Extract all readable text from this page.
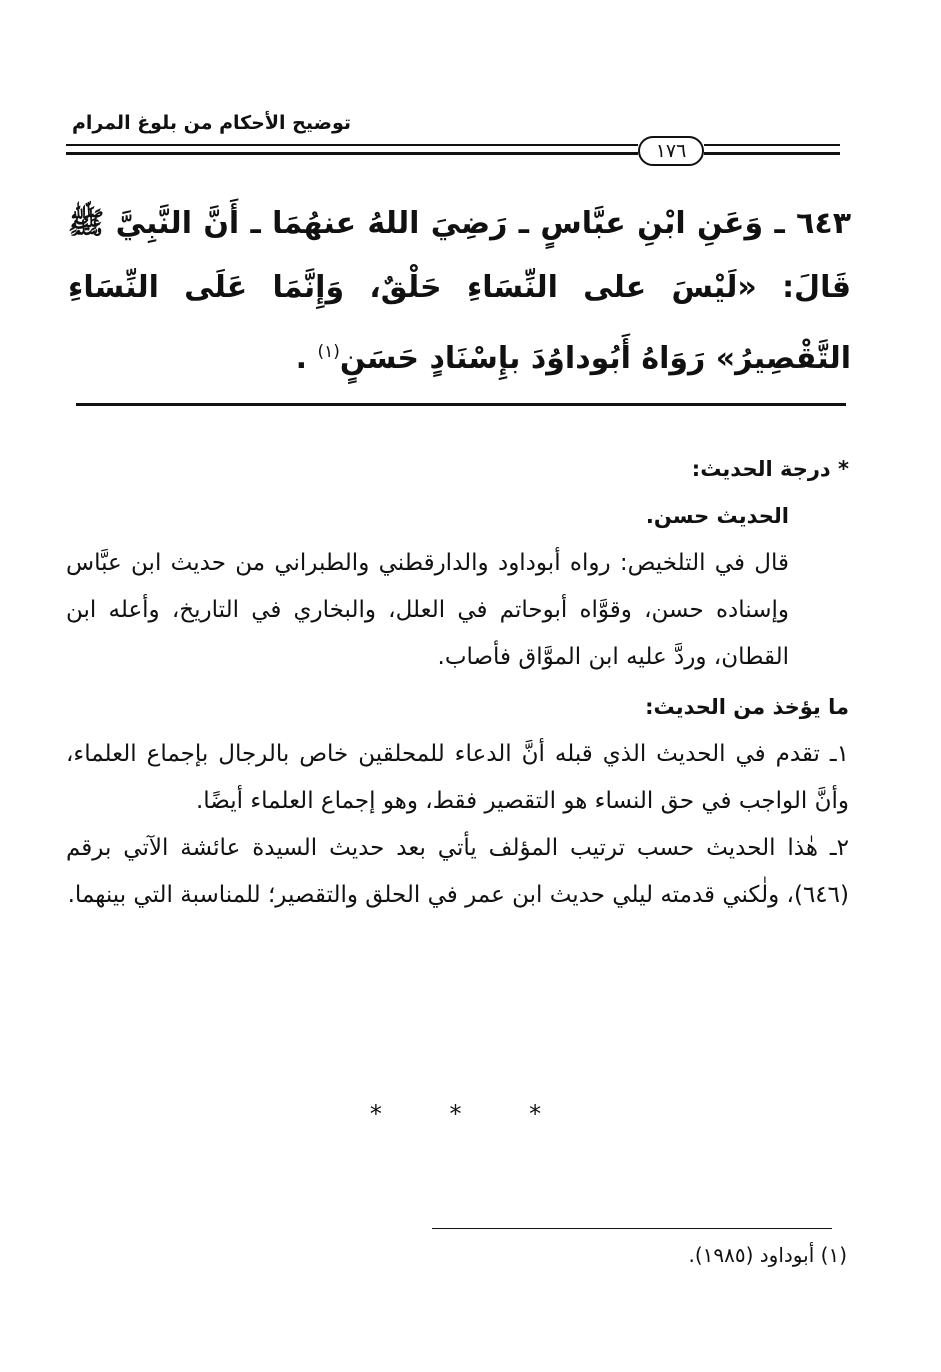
توضيح الأحكام من بلوغ المرام
١٧٦
٦٤٣ ـ وَعَنِ ابْنِ عبَّاسٍ ـ رَضِيَ اللهُ عنهُمَا ـ أَنَّ النَّبِيَّ ﷺ قَالَ: «لَيْسَ على النِّسَاءِ حَلْقٌ، وَإِنَّمَا عَلَى النِّسَاءِ التَّقْصِيرُ» رَوَاهُ أَبُوداوُدَ بإِسْنَادٍ حَسَنٍ$^{(١)}$ .
* درجة الحديث:
الحديث حسن.
قال في التلخيص: رواه أبوداود والدارقطني والطبراني من حديث ابن عبَّاس وإسناده حسن، وقوَّاه أبوحاتم في العلل، والبخاري في التاريخ، وأعله ابن القطان، وردَّ عليه ابن الموَّاق فأصاب.
ما يؤخذ من الحديث:
١ـ تقدم في الحديث الذي قبله أنَّ الدعاء للمحلقين خاص بالرجال بإجماع العلماء، وأنَّ الواجب في حق النساء هو التقصير فقط، وهو إجماع العلماء أيضًا.
٢ـ هٰذا الحديث حسب ترتيب المؤلف يأتي بعد حديث السيدة عائشة الآتي برقم (٦٤٦)، ولٰكني قدمته ليلي حديث ابن عمر في الحلق والتقصير؛ للمناسبة التي بينهما.
* * *
(١) أبوداود (١٩٨٥).
